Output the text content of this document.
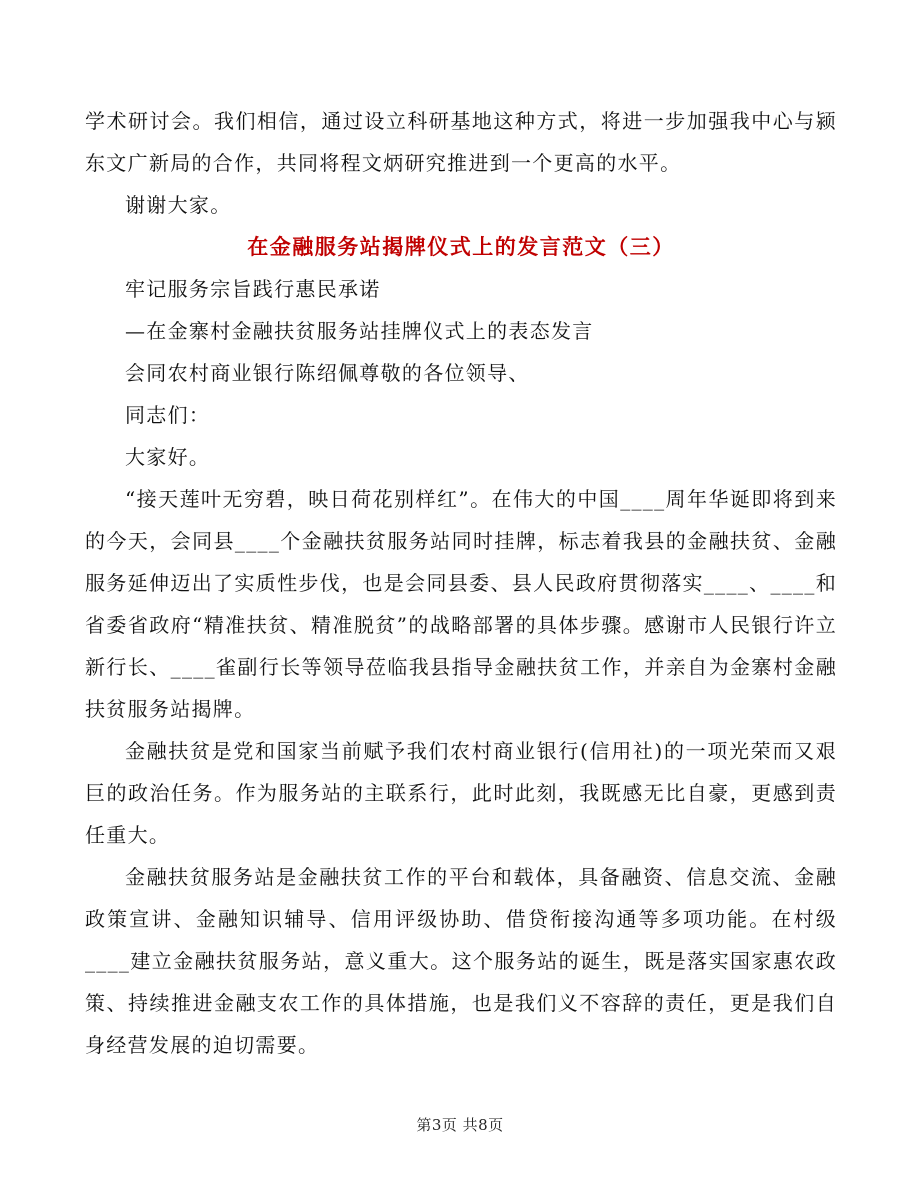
学术研讨会。我们相信，通过设立科研基地这种方式，将进一步加强我中心与颍东文广新局的合作，共同将程文炳研究推进到一个更高的水平。

谢谢大家。

在金融服务站揭牌仪式上的发言范文（三）

牢记服务宗旨践行惠民承诺

—在金寨村金融扶贫服务站挂牌仪式上的表态发言

会同农村商业银行陈绍佩尊敬的各位领导、

同志们：

大家好。

“接天莲叶无穷碧，映日荷花别样红”。在伟大的中国____周年华诞即将到来的今天，会同县____个金融扶贫服务站同时挂牌，标志着我县的金融扶贫、金融服务延伸迈出了实质性步伐，也是会同县委、县人民政府贯彻落实____、____和省委省政府“精准扶贫、精准脱贫”的战略部署的具体步骤。感谢市人民银行许立新行长、____雀副行长等领导莅临我县指导金融扶贫工作，并亲自为金寨村金融扶贫服务站揭牌。

金融扶贫是党和国家当前赋予我们农村商业银行(信用社)的一项光荣而又艰巨的政治任务。作为服务站的主联系行，此时此刻，我既感无比自豪，更感到责任重大。

金融扶贫服务站是金融扶贫工作的平台和载体，具备融资、信息交流、金融政策宣讲、金融知识辅导、信用评级协助、借贷衔接沟通等多项功能。在村级____建立金融扶贫服务站，意义重大。这个服务站的诞生，既是落实国家惠农政策、持续推进金融支农工作的具体措施，也是我们义不容辞的责任，更是我们自身经营发展的迫切需要。

第3页 共8页
